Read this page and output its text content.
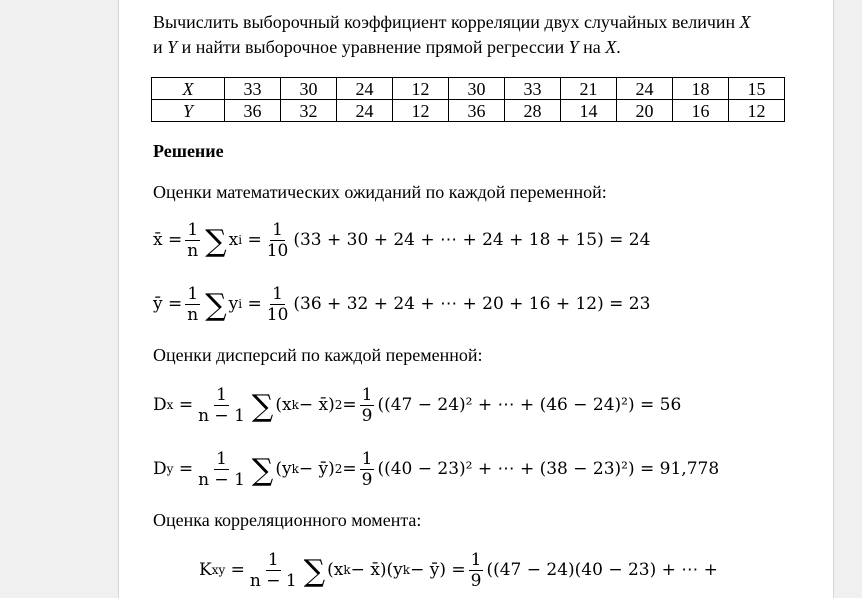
Вычислить выборочный коэффициент корреляции двух случайных величин X
и Y и найти выборочное уравнение прямой регрессии Y на X.

X	33	30	24	12	30	33	21	24	18	15
Y	36	32	24	12	36	28	14	20	16	12

Решение

Оценки математических ожиданий по каждой переменной:

x̄ = $\frac{1}{n}$ ∑ x $i = \frac{1}{10} (33 + 30 + 24$ + ⋯ + 24 + 18 + 15) = 24
ȳ = $\frac{1}{n}$ ∑ y $i = \frac{1}{10} (36 + 32 + 24$ + ⋯ + 20 + 16 + 12) = 23

Оценки дисперсий по каждой переменной:

D $x = \frac{1}{n - 1}$ ∑ (x k − x̄) $2 = \frac{1}{9} ((47 - 24)^2$ + ⋯ + (46 − 24)²) = 56
D $y = \frac{1}{n - 1}$ ∑ (y k − ȳ) $2 = \frac{1}{9} ((40 - 23)^2$ + ⋯ + (38 − 23)²) = 91,778

Оценка корреляционного момента:

K xy = $\frac{1}{n - 1}$ ∑ (x k − x̄)(y k − ȳ) = $\frac{1}{9} ((47 - 24)(40 - 23)$ + ⋯ +
